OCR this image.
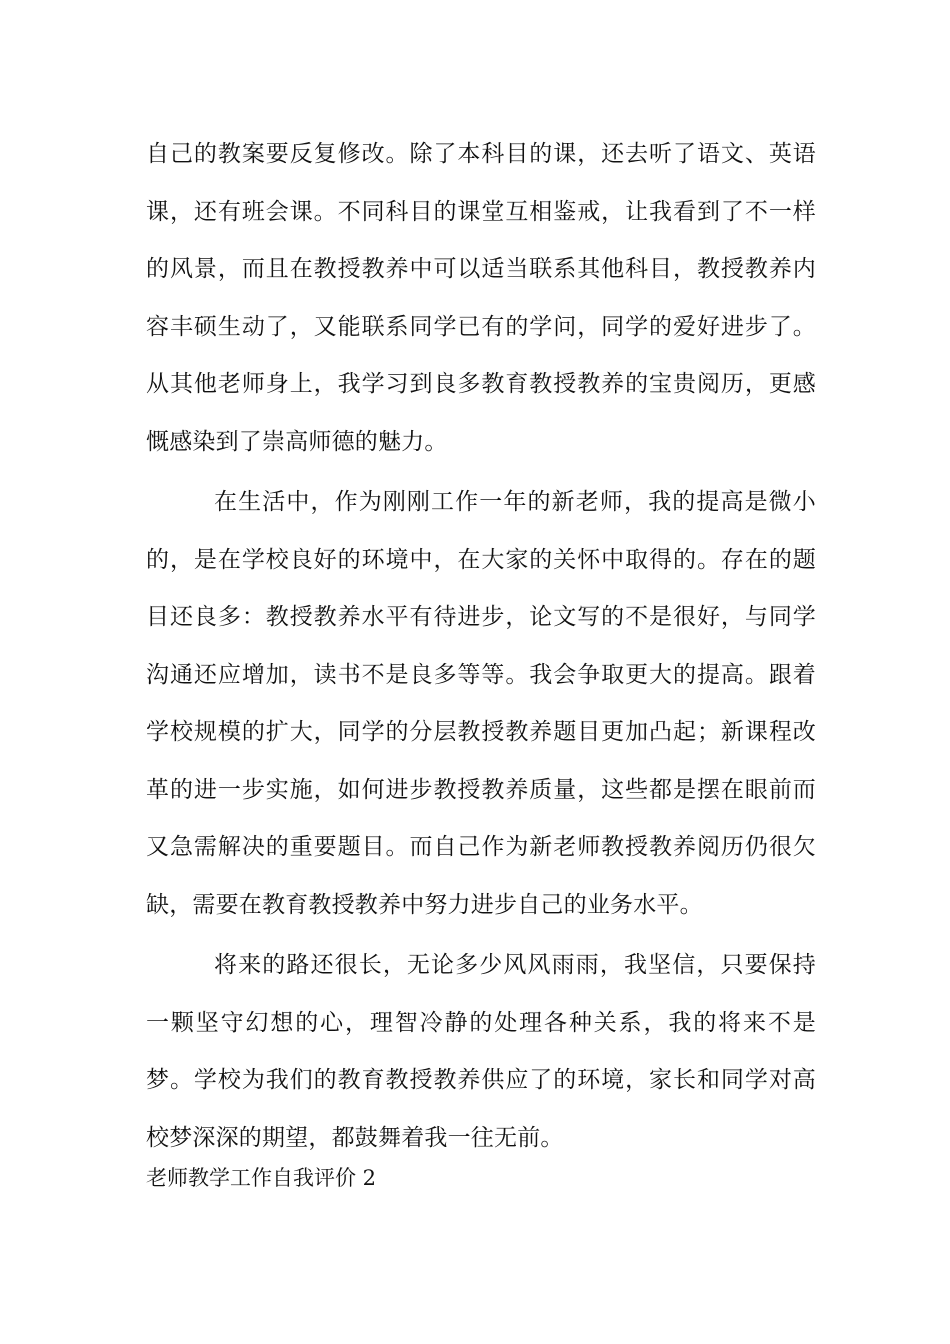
自己的教案要反复修改。除了本科目的课，还去听了语文、英语课，还有班会课。不同科目的课堂互相鉴戒，让我看到了不一样的风景，而且在教授教养中可以适当联系其他科目，教授教养内容丰硕生动了，又能联系同学已有的学问，同学的爱好进步了。从其他老师身上，我学习到良多教育教授教养的宝贵阅历，更感慨感染到了崇高师德的魅力。

在生活中，作为刚刚工作一年的新老师，我的提高是微小的，是在学校良好的环境中，在大家的关怀中取得的。存在的题目还良多：教授教养水平有待进步，论文写的不是很好，与同学沟通还应增加，读书不是良多等等。我会争取更大的提高。跟着学校规模的扩大，同学的分层教授教养题目更加凸起；新课程改革的进一步实施，如何进步教授教养质量，这些都是摆在眼前而又急需解决的重要题目。而自己作为新老师教授教养阅历仍很欠缺，需要在教育教授教养中努力进步自己的业务水平。

将来的路还很长，无论多少风风雨雨，我坚信，只要保持一颗坚守幻想的心，理智冷静的处理各种关系，我的将来不是梦。学校为我们的教育教授教养供应了的环境，家长和同学对高校梦深深的期望，都鼓舞着我一往无前。

老师教学工作自我评价 2
